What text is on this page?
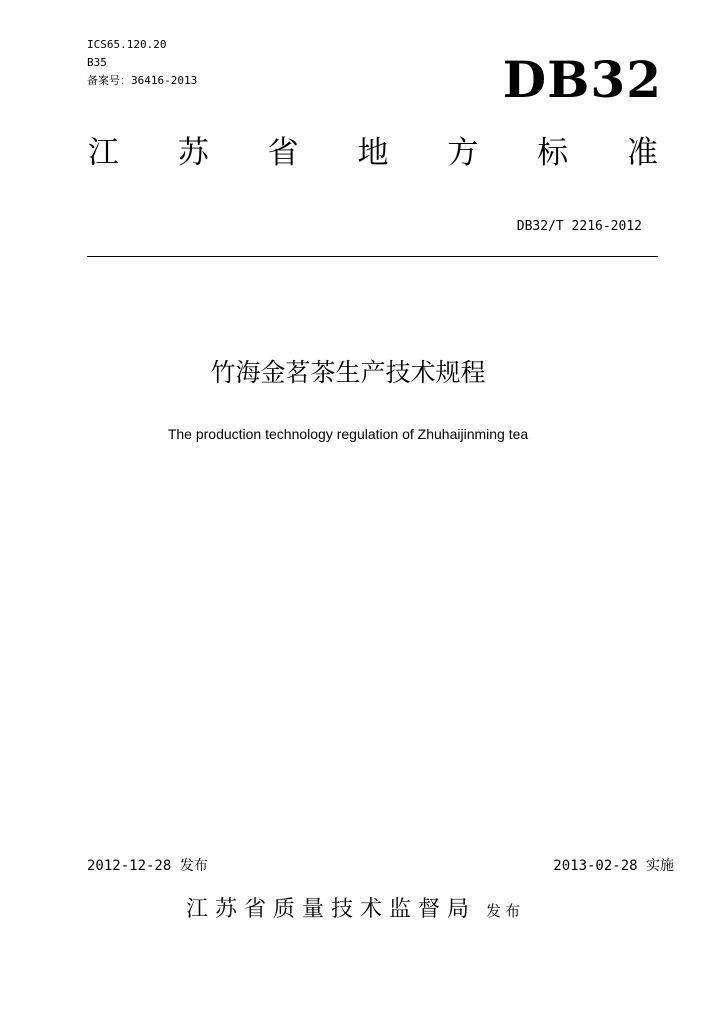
ICS65.120.20
B35
备案号：36416-2013	DB32
江 苏 省 地 方 标 准
DB32/T 2216-2012
竹海金茗茶生产技术规程
The production technology regulation of Zhuhaijinming tea
2012-12-28 发布	2013-02-28 实施
江苏省质量技术监督局 发布
